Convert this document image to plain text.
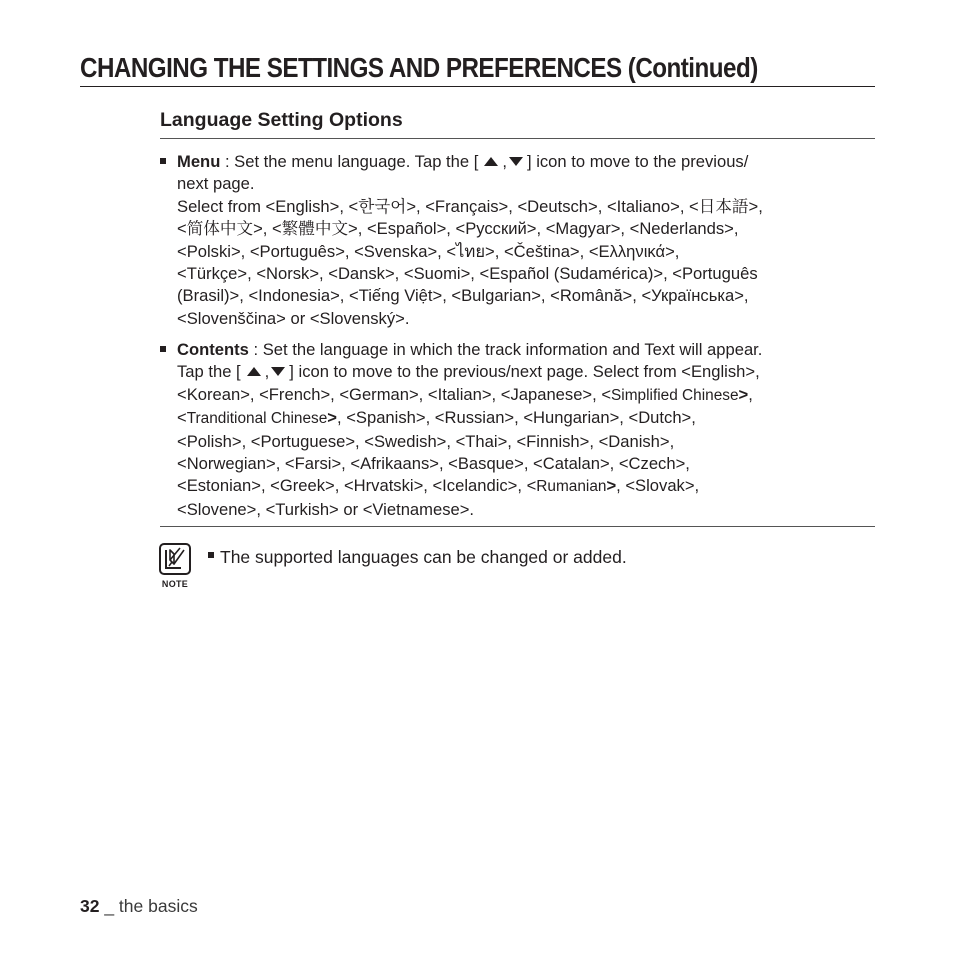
CHANGING THE SETTINGS AND PREFERENCES (Continued)
Language Setting Options
Menu : Set the menu language. Tap the [ , ] icon to move to the previous/
next page.
Select from <English>, <한국어>, <Français>, <Deutsch>, <Italiano>, <日本語>,
<简体中文>, <繁體中文>, <Español>, <Русский>, <Magyar>, <Nederlands>,
<Polski>, <Português>, <Svenska>, <ไทย>, <Čeština>, <Ελληνικά>,
<Türkçe>, <Norsk>, <Dansk>, <Suomi>, <Español (Sudamérica)>, <Português
(Brasil)>, <Indonesia>, <Tiếng Việt>, <Bulgarian>, <Română>, <Українська>,
<Slovenščina> or <Slovenský>.
Contents : Set the language in which the track information and Text will appear.
Tap the [ , ] icon to move to the previous/next page. Select from <English>,
<Korean>, <French>, <German>, <Italian>, <Japanese>, <Simplified Chinese>,
<Tranditional Chinese>, <Spanish>, <Russian>, <Hungarian>, <Dutch>,
<Polish>, <Portuguese>, <Swedish>, <Thai>, <Finnish>, <Danish>,
<Norwegian>, <Farsi>, <Afrikaans>, <Basque>, <Catalan>, <Czech>,
<Estonian>, <Greek>, <Hrvatski>, <Icelandic>, <Rumanian>, <Slovak>,
<Slovene>, <Turkish> or <Vietnamese>.
NOTE
The supported languages can be changed or added.
32 _ the basics
